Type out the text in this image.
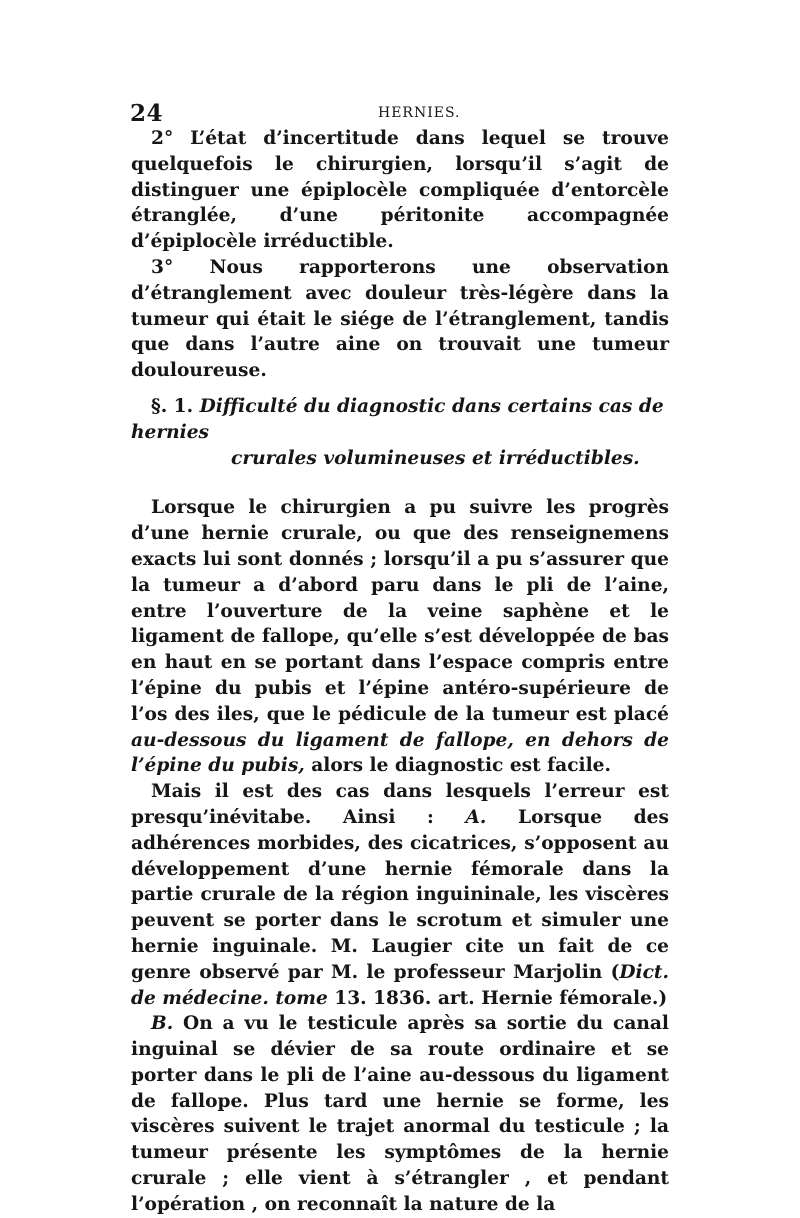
24	HERNIES.

2° L’état d’incertitude dans lequel se trouve quelquefois le chirurgien, lorsqu’il s’agit de distinguer une épiplocèle compliquée d’entorcèle étranglée, d’une péritonite accompagnée d’épiplocèle irréductible.

3° Nous rapporterons une observation d’étranglement avec douleur très-légère dans la tumeur qui était le siége de l’étranglement, tandis que dans l’autre aine on trouvait une tumeur douloureuse.

§. 1. Difficulté du diagnostic dans certains cas de hernies
crurales volumineuses et irréductibles.

Lorsque le chirurgien a pu suivre les progrès d’une hernie crurale, ou que des renseignemens exacts lui sont donnés ; lorsqu’il a pu s’assurer que la tumeur a d’abord paru dans le pli de l’aine, entre l’ouverture de la veine saphène et le ligament de fallope, qu’elle s’est développée de bas en haut en se portant dans l’espace compris entre l’épine du pubis et l’épine antéro-supérieure de l’os des iles, que le pédicule de la tumeur est placé au-dessous du ligament de fallope, en dehors de l’épine du pubis, alors le diagnostic est facile.

Mais il est des cas dans lesquels l’erreur est presqu’inévitabe. Ainsi : A. Lorsque des adhérences morbides, des cicatrices, s’opposent au développement d’une hernie fémorale dans la partie crurale de la région inguininale, les viscères peuvent se porter dans le scrotum et simuler une hernie inguinale. M. Laugier cite un fait de ce genre observé par M. le professeur Marjolin (Dict. de médecine. tome 13. 1836. art. Hernie fémorale.)

B. On a vu le testicule après sa sortie du canal inguinal se dévier de sa route ordinaire et se porter dans le pli de l’aine au-dessous du ligament de fallope. Plus tard une hernie se forme, les viscères suivent le trajet anormal du testicule ; la tumeur présente les symptômes de la hernie crurale ; elle vient à s’étrangler , et pendant l’opération , on reconnaît la nature de la
